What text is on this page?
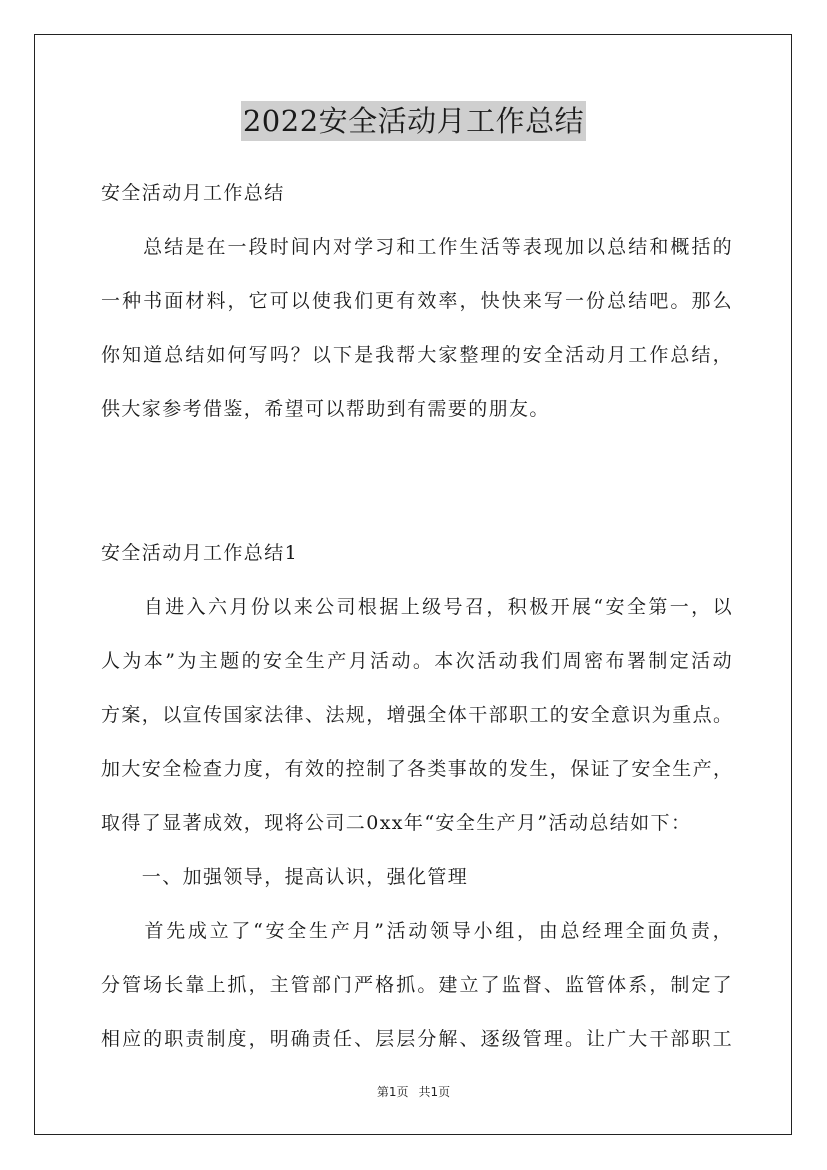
2022安全活动月工作总结
安全活动月工作总结
　　总结是在一段时间内对学习和工作生活等表现加以总结和概括的
一种书面材料，它可以使我们更有效率，快快来写一份总结吧。那么
你知道总结如何写吗？以下是我帮大家整理的安全活动月工作总结，
供大家参考借鉴，希望可以帮助到有需要的朋友。
安全活动月工作总结1
　　自进入六月份以来公司根据上级号召，积极开展“安全第一，以
人为本”为主题的安全生产月活动。本次活动我们周密布署制定活动
方案，以宣传国家法律、法规，增强全体干部职工的安全意识为重点。
加大安全检查力度，有效的控制了各类事故的发生，保证了安全生产，
取得了显著成效，现将公司二0xx年“安全生产月”活动总结如下：
　　一、加强领导，提高认识，强化管理
　　首先成立了“安全生产月”活动领导小组，由总经理全面负责，
分管场长靠上抓，主管部门严格抓。建立了监督、监管体系，制定了
相应的职责制度，明确责任、层层分解、逐级管理。让广大干部职工
第1页 共1页
